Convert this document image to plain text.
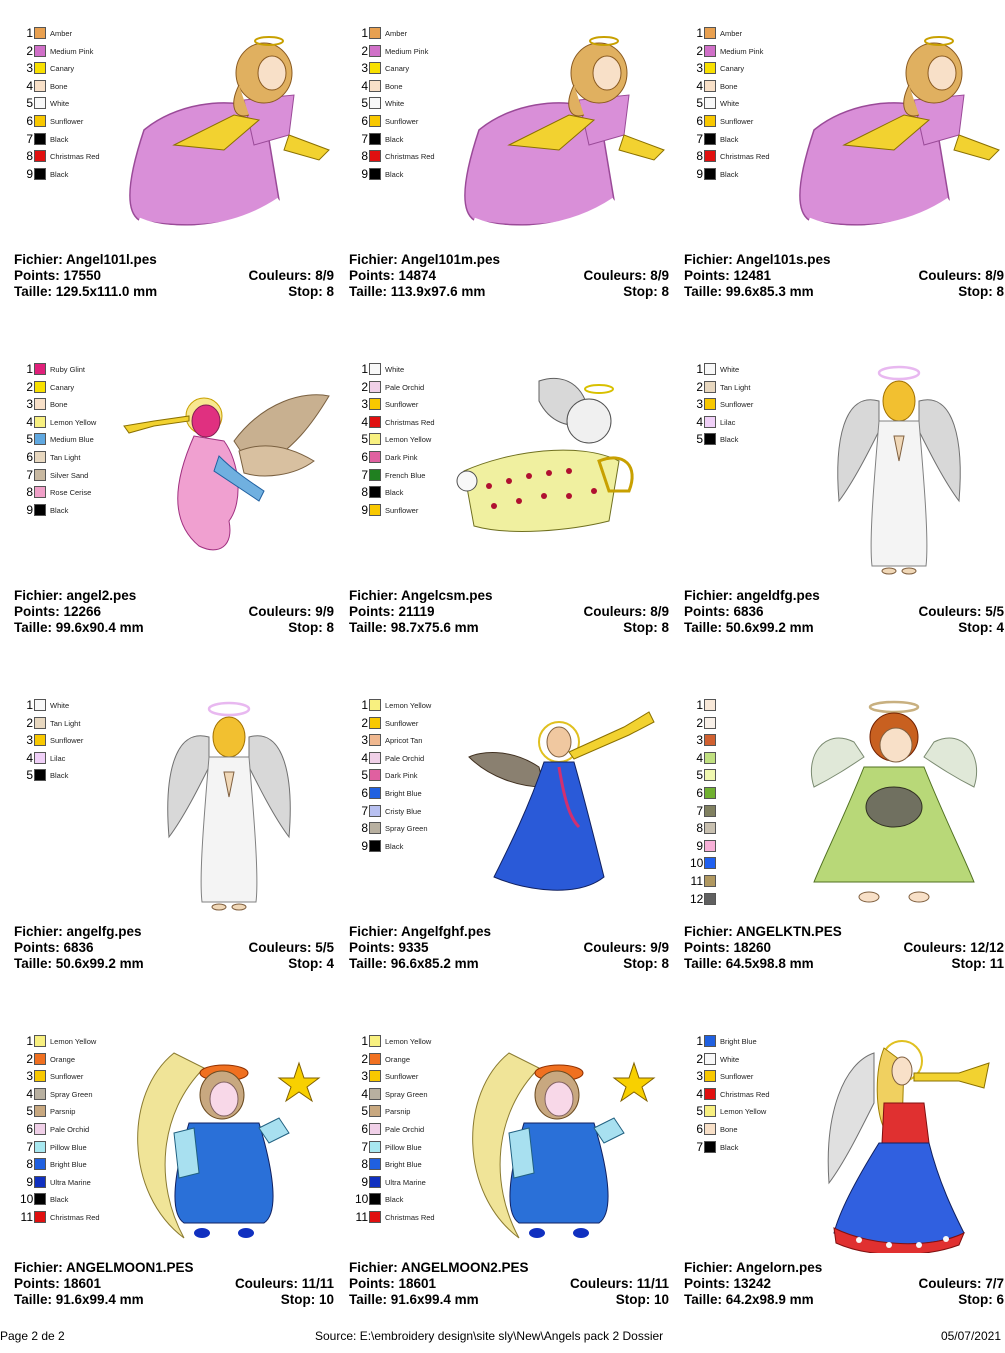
1 Amber
2 Medium Pink
3 Canary
4 Bone
5 White
6 Sunflower
7 Black
8 Christmas Red
9 Black
Fichier: Angel101l.pes
Points: 17550	Couleurs: 8/9
Taille: 129.5x111.0 mm	Stop: 8
1 Amber
2 Medium Pink
3 Canary
4 Bone
5 White
6 Sunflower
7 Black
8 Christmas Red
9 Black
Fichier: Angel101m.pes
Points: 14874	Couleurs: 8/9
Taille: 113.9x97.6 mm	Stop: 8
1 Amber
2 Medium Pink
3 Canary
4 Bone
5 White
6 Sunflower
7 Black
8 Christmas Red
9 Black
Fichier: Angel101s.pes
Points: 12481	Couleurs: 8/9
Taille: 99.6x85.3 mm	Stop: 8
1 Ruby Glint
2 Canary
3 Bone
4 Lemon Yellow
5 Medium Blue
6 Tan Light
7 Silver Sand
8 Rose Cerise
9 Black
Fichier: angel2.pes
Points: 12266	Couleurs: 9/9
Taille: 99.6x90.4 mm	Stop: 8
1 White
2 Pale Orchid
3 Sunflower
4 Christmas Red
5 Lemon Yellow
6 Dark Pink
7 French Blue
8 Black
9 Sunflower
Fichier: Angelcsm.pes
Points: 21119	Couleurs: 8/9
Taille: 98.7x75.6 mm	Stop: 8
1 White
2 Tan Light
3 Sunflower
4 Lilac
5 Black
Fichier: angeldfg.pes
Points: 6836	Couleurs: 5/5
Taille: 50.6x99.2 mm	Stop: 4
1 White
2 Tan Light
3 Sunflower
4 Lilac
5 Black
Fichier: angelfg.pes
Points: 6836	Couleurs: 5/5
Taille: 50.6x99.2 mm	Stop: 4
1 Lemon Yellow
2 Sunflower
3 Apricot Tan
4 Pale Orchid
5 Dark Pink
6 Bright Blue
7 Cristy Blue
8 Spray Green
9 Black
Fichier: Angelfghf.pes
Points: 9335	Couleurs: 9/9
Taille: 96.6x85.2 mm	Stop: 8
1
2
3
4
5
6
7
8
9
10
11
12
Fichier: ANGELKTN.PES
Points: 18260	Couleurs: 12/12
Taille: 64.5x98.8 mm	Stop: 11
1 Lemon Yellow
2 Orange
3 Sunflower
4 Spray Green
5 Parsnip
6 Pale Orchid
7 Pillow Blue
8 Bright Blue
9 Ultra Marine
10 Black
11 Christmas Red
Fichier: ANGELMOON1.PES
Points: 18601	Couleurs: 11/11
Taille: 91.6x99.4 mm	Stop: 10
1 Lemon Yellow
2 Orange
3 Sunflower
4 Spray Green
5 Parsnip
6 Pale Orchid
7 Pillow Blue
8 Bright Blue
9 Ultra Marine
10 Black
11 Christmas Red
Fichier: ANGELMOON2.PES
Points: 18601	Couleurs: 11/11
Taille: 91.6x99.4 mm	Stop: 10
1 Bright Blue
2 White
3 Sunflower
4 Christmas Red
5 Lemon Yellow
6 Bone
7 Black
Fichier: Angelorn.pes
Points: 13242	Couleurs: 7/7
Taille: 64.2x98.9 mm	Stop: 6
Page 2 de 2	Source: E:\embroidery design\site sly\New\Angels pack 2 Dossier	05/07/2021
